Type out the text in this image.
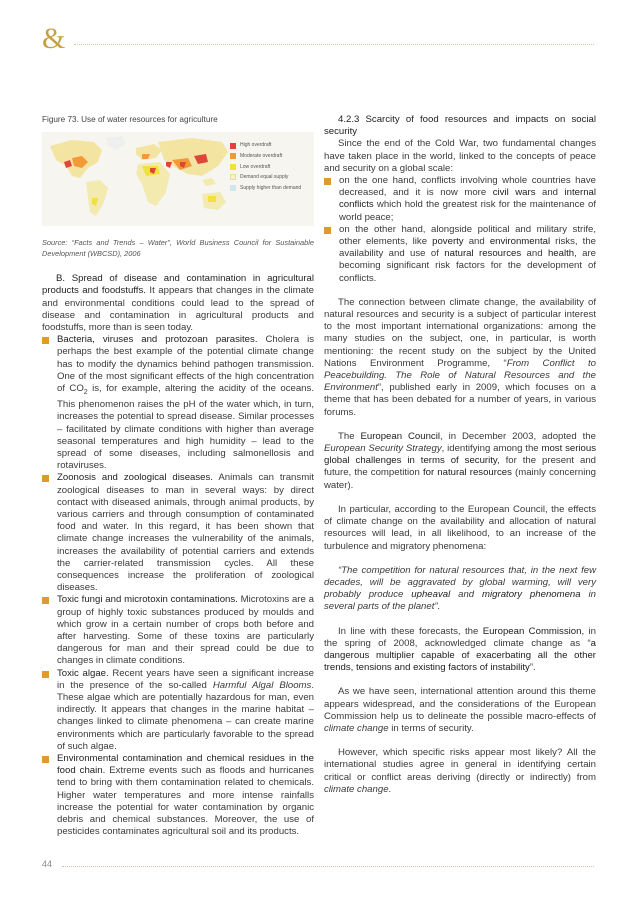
&

Figure 73. Use of water resources for agriculture

High overdraft
Moderate overdraft
Low overdraft
Demand equal supply
Supply higher than demand

Source: “Facts and Trends – Water”, World Business Council for Sustainable Development (WBCSD), 2006

B. Spread of disease and contamination in agricultural products and foodstuffs. It appears that changes in the climate and environmental conditions could lead to the spread of disease and contamination in agricultural products and foodstuffs, more than is seen today.

Bacteria, viruses and protozoan parasites. Cholera is perhaps the best example of the potential climate change has to modify the dynamics behind pathogen transmission. One of the most significant effects of the high concentration of $CO_2$ is, for example, altering the acidity of the oceans. This phenomenon raises the pH of the water which, in turn, increases the potential to spread disease. Similar processes – facilitated by climate conditions with higher than average seasonal temperatures and high humidity – lead to the spread of some diseases, including salmonellosis and rotaviruses.
Zoonosis and zoological diseases. Animals can transmit zoological diseases to man in several ways: by direct contact with diseased animals, through animal products, by various carriers and through consumption of contaminated food and water. In this regard, it has been shown that climate change increases the vulnerability of the animals, increases the availability of potential carriers and extends the carrier-related transmission cycles. All these consequences increase the proliferation of zoological diseases.
Toxic fungi and microtoxin contaminations. Microtoxins are a group of highly toxic substances produced by moulds and which grow in a certain number of crops both before and after harvesting. Some of these toxins are particularly dangerous for man and their spread could be due to changes in climate conditions.
Toxic algae. Recent years have seen a significant increase in the presence of the so-called Harmful Algal Blooms. These algae which are potentially hazardous for man, even indirectly. It appears that changes in the marine habitat – changes linked to climate phenomena – can create marine environments which are particularly favorable to the spread of such algae.
Environmental contamination and chemical residues in the food chain. Extreme events such as floods and hurricanes tend to bring with them contamination related to chemicals. Higher water temperatures and more intense rainfalls increase the potential for water contamination by organic debris and chemical substances. Moreover, the use of pesticides contaminates agricultural soil and its products.

4.2.3 Scarcity of food resources and impacts on social security

Since the end of the Cold War, two fundamental changes have taken place in the world, linked to the concepts of peace and security on a global scale:

on the one hand, conflicts involving whole countries have decreased, and it is now more civil wars and internal conflicts which hold the greatest risk for the maintenance of world peace;
on the other hand, alongside political and military strife, other elements, like poverty and environmental risks, the availability and use of natural resources and health, are becoming significant risk factors for the development of conflicts.

The connection between climate change, the availability of natural resources and security is a subject of particular interest to the most important international organizations: among the many studies on the subject, one, in particular, is worth mentioning: the recent study on the subject by the United Nations Environment Programme, “From Conflict to Peacebuilding. The Role of Natural Resources and the Environment”, published early in 2009, which focuses on a theme that has been debated for a number of years, in various forums.

The European Council, in December 2003, adopted the European Security Strategy, identifying among the most serious global challenges in terms of security, for the present and future, the competition for natural resources (mainly concerning water).

In particular, according to the European Council, the effects of climate change on the availability and allocation of natural resources will lead, in all likelihood, to an increase of the turbulence and migratory phenomena:

“The competition for natural resources that, in the next few decades, will be aggravated by global warming, will very probably produce upheaval and migratory phenomena in several parts of the planet”.

In line with these forecasts, the European Commission, in the spring of 2008, acknowledged climate change as “a dangerous multiplier capable of exacerbating all the other trends, tensions and existing factors of instability”.

As we have seen, international attention around this theme appears widespread, and the considerations of the European Commission help us to delineate the possible macro-effects of climate change in terms of security.

However, which specific risks appear most likely? All the international studies agree in general in identifying certain critical or conflict areas deriving (directly or indirectly) from climate change.

44
